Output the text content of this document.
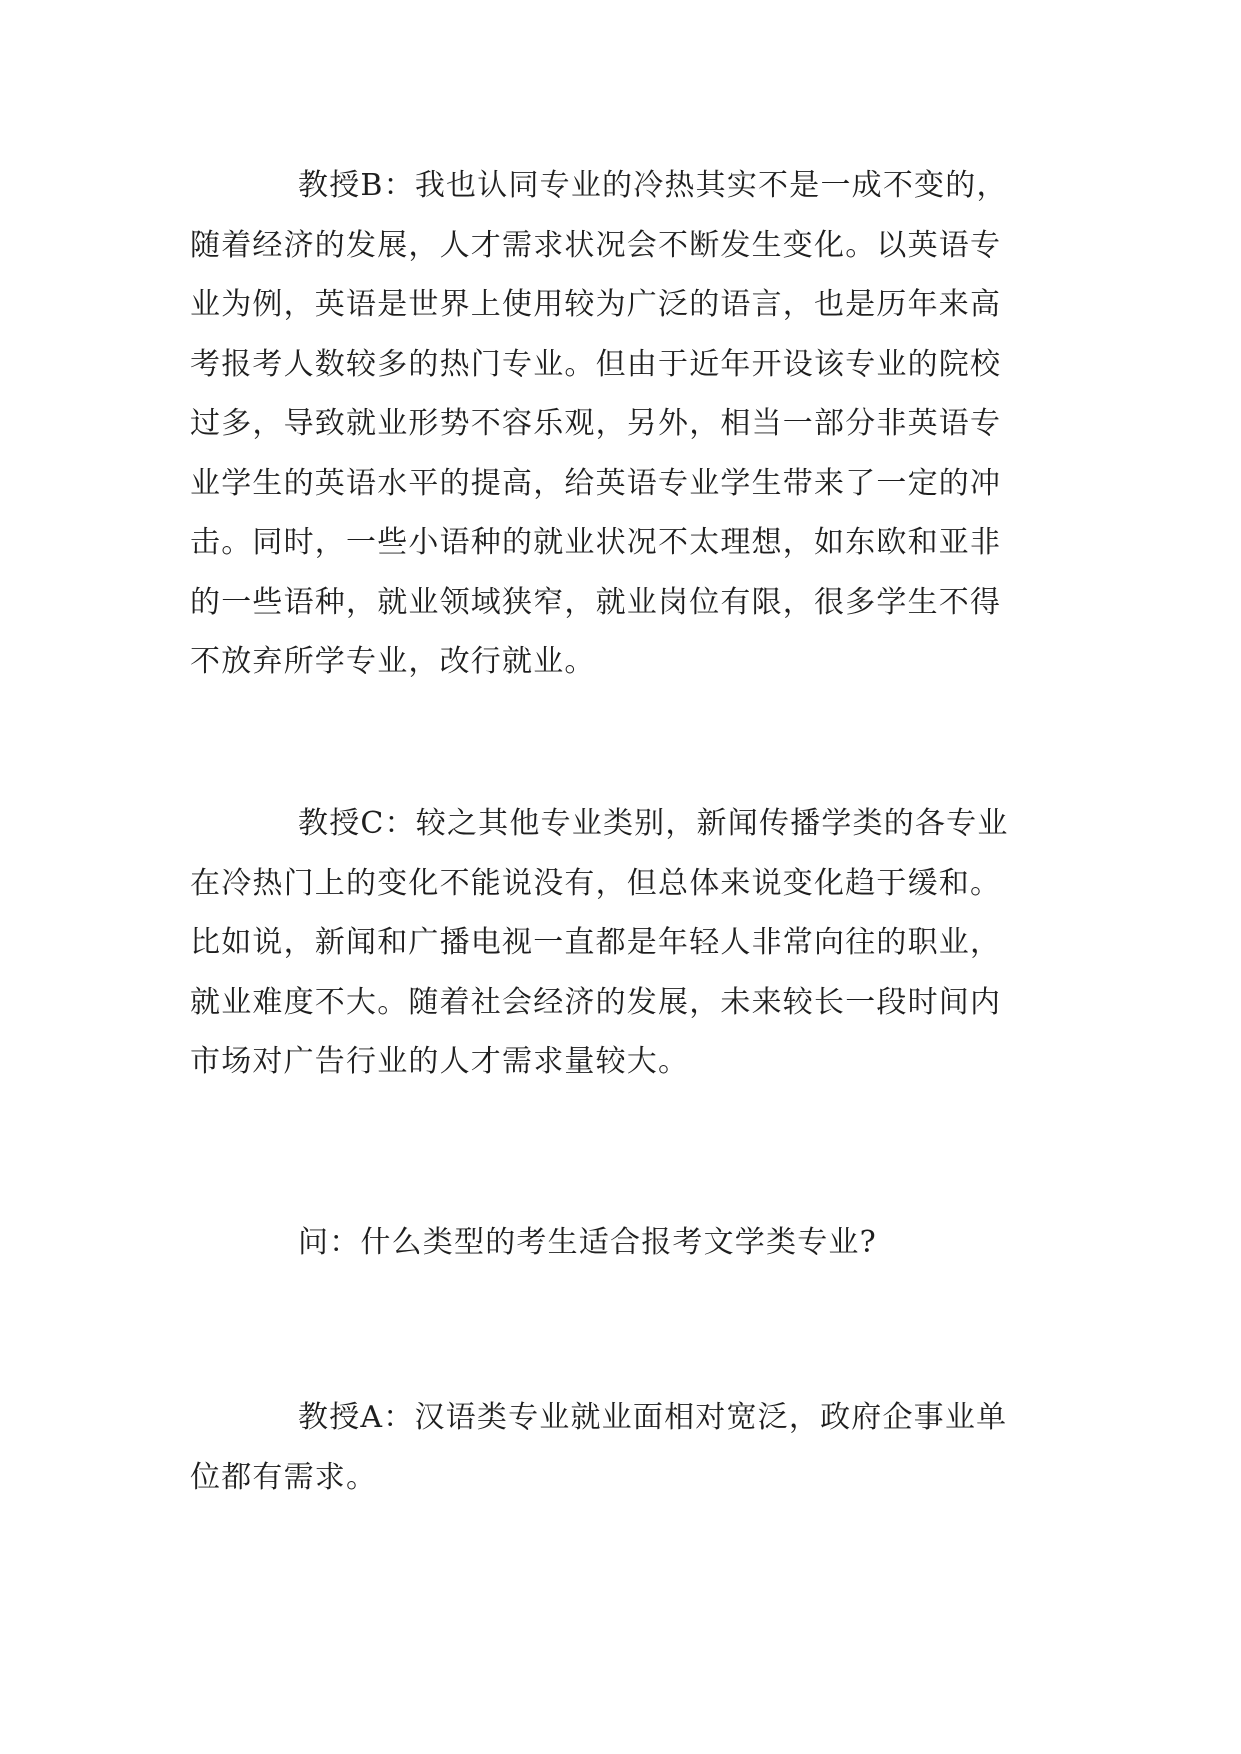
教授B：我也认同专业的冷热其实不是一成不变的，
随着经济的发展，人才需求状况会不断发生变化。以英语专
业为例，英语是世界上使用较为广泛的语言，也是历年来高
考报考人数较多的热门专业。但由于近年开设该专业的院校
过多，导致就业形势不容乐观，另外，相当一部分非英语专
业学生的英语水平的提高，给英语专业学生带来了一定的冲
击。同时，一些小语种的就业状况不太理想，如东欧和亚非
的一些语种，就业领域狭窄，就业岗位有限，很多学生不得
不放弃所学专业，改行就业。

教授C：较之其他专业类别，新闻传播学类的各专业
在冷热门上的变化不能说没有，但总体来说变化趋于缓和。
比如说，新闻和广播电视一直都是年轻人非常向往的职业，
就业难度不大。随着社会经济的发展，未来较长一段时间内
市场对广告行业的人才需求量较大。

问：什么类型的考生适合报考文学类专业?

教授A：汉语类专业就业面相对宽泛，政府企事业单
位都有需求。
